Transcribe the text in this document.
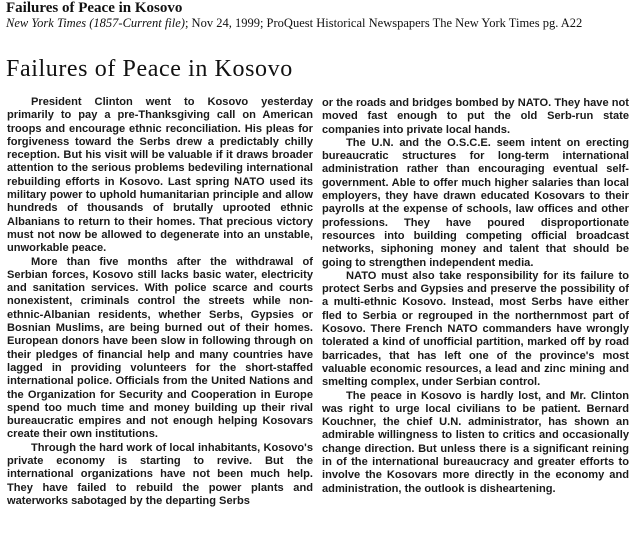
Failures of Peace in Kosovo
New York Times (1857-Current file); Nov 24, 1999; ProQuest Historical Newspapers The New York Times pg. A22
Failures of Peace in Kosovo

President Clinton went to Kosovo yesterday primarily to pay a pre-Thanksgiving call on American troops and encourage ethnic reconciliation. His pleas for forgiveness toward the Serbs drew a predictably chilly reception. But his visit will be valuable if it draws broader attention to the serious problems bedeviling international rebuilding efforts in Kosovo. Last spring NATO used its military power to uphold humanitarian principle and allow hundreds of thousands of brutally uprooted ethnic Albanians to return to their homes. That precious victory must not now be allowed to degenerate into an unstable, unworkable peace.

More than five months after the withdrawal of Serbian forces, Kosovo still lacks basic water, electricity and sanitation services. With police scarce and courts nonexistent, criminals control the streets while non-ethnic-Albanian residents, whether Serbs, Gypsies or Bosnian Muslims, are being burned out of their homes. European donors have been slow in following through on their pledges of financial help and many countries have lagged in providing volunteers for the short-staffed international police. Officials from the United Nations and the Organization for Security and Cooperation in Europe spend too much time and money building up their rival bureaucratic empires and not enough helping Kosovars create their own institutions.

Through the hard work of local inhabitants, Kosovo's private economy is starting to revive. But the international organizations have not been much help. They have failed to rebuild the power plants and waterworks sabotaged by the departing Serbs

or the roads and bridges bombed by NATO. They have not moved fast enough to put the old Serb-run state companies into private local hands.

The U.N. and the O.S.C.E. seem intent on erecting bureaucratic structures for long-term international administration rather than encouraging eventual self-government. Able to offer much higher salaries than local employers, they have drawn educated Kosovars to their payrolls at the expense of schools, law offices and other professions. They have poured disproportionate resources into building competing official broadcast networks, siphoning money and talent that should be going to strengthen independent media.

NATO must also take responsibility for its failure to protect Serbs and Gypsies and preserve the possibility of a multi-ethnic Kosovo. Instead, most Serbs have either fled to Serbia or regrouped in the northernmost part of Kosovo. There French NATO commanders have wrongly tolerated a kind of unofficial partition, marked off by road barricades, that has left one of the province's most valuable economic resources, a lead and zinc mining and smelting complex, under Serbian control.

The peace in Kosovo is hardly lost, and Mr. Clinton was right to urge local civilians to be patient. Bernard Kouchner, the chief U.N. administrator, has shown an admirable willingness to listen to critics and occasionally change direction. But unless there is a significant reining in of the international bureaucracy and greater efforts to involve the Kosovars more directly in the economy and administration, the outlook is disheartening.
